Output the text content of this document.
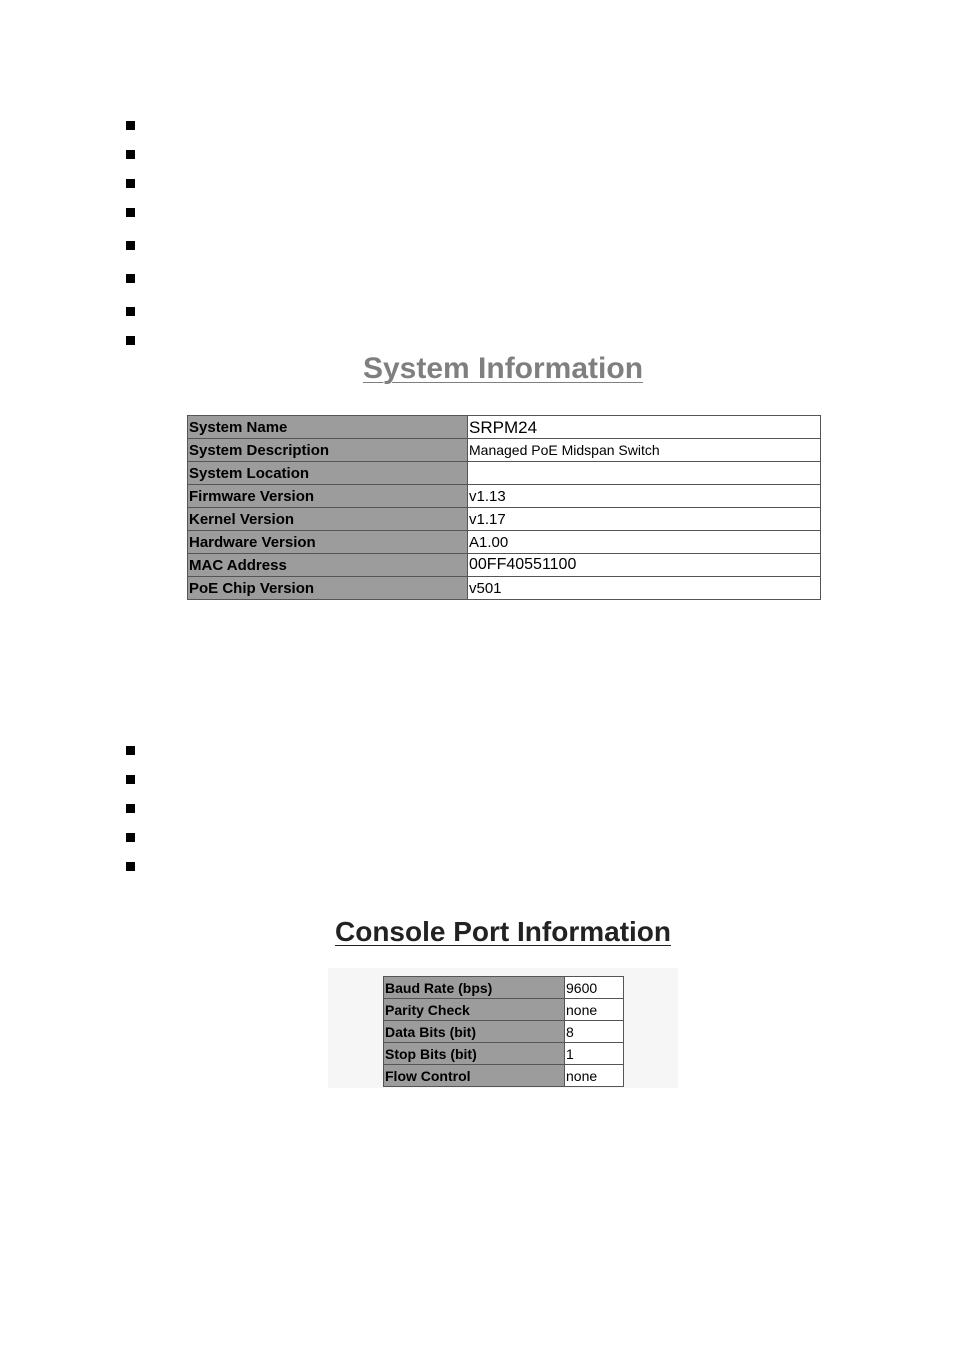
System Information
System Name	SRPM24
System Description	Managed PoE Midspan Switch
System Location	
Firmware Version	v1.13
Kernel Version	v1.17
Hardware Version	A1.00
MAC Address	00FF40551100
PoE Chip Version	v501
Console Port Information
Baud Rate (bps)	9600
Parity Check	none
Data Bits (bit)	8
Stop Bits (bit)	1
Flow Control	none
